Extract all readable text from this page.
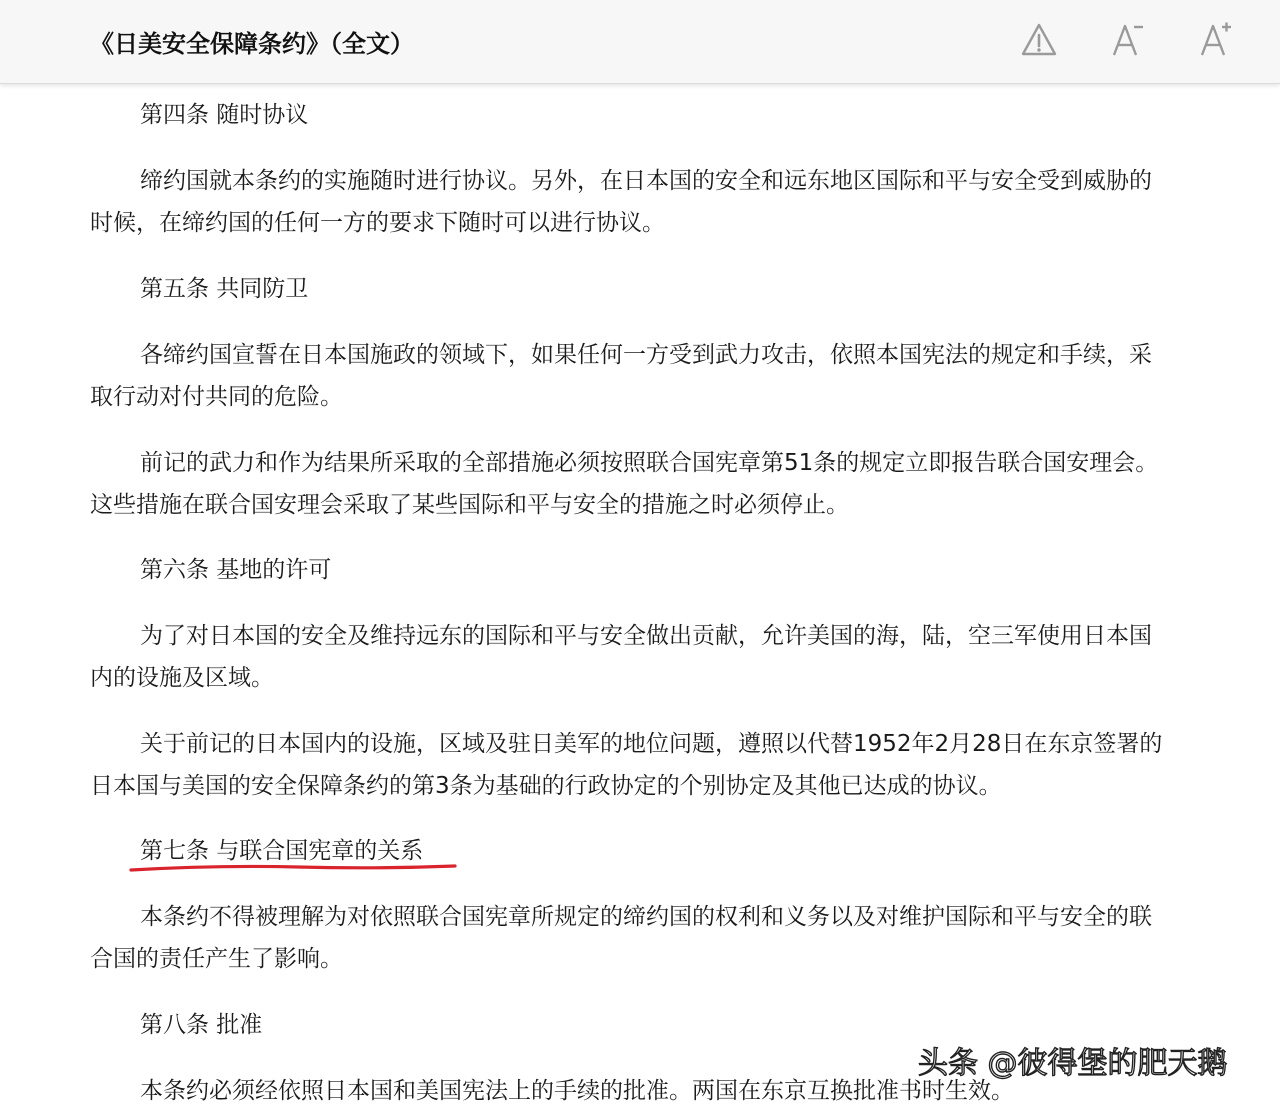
《日美安全保障条约》（全文）
第四条 随时协议
缔约国就本条约的实施随时进行协议。另外，在日本国的安全和远东地区国际和平与安全受到威胁的
时候，在缔约国的任何一方的要求下随时可以进行协议。
第五条 共同防卫
各缔约国宣誓在日本国施政的领域下，如果任何一方受到武力攻击，依照本国宪法的规定和手续，采
取行动对付共同的危险。
前记的武力和作为结果所采取的全部措施必须按照联合国宪章第51条的规定立即报告联合国安理会。
这些措施在联合国安理会采取了某些国际和平与安全的措施之时必须停止。
第六条 基地的许可
为了对日本国的安全及维持远东的国际和平与安全做出贡献，允许美国的海，陆，空三军使用日本国
内的设施及区域。
关于前记的日本国内的设施，区域及驻日美军的地位问题，遵照以代替1952年2月28日在东京签署的
日本国与美国的安全保障条约的第3条为基础的行政协定的个别协定及其他已达成的协议。
第七条 与联合国宪章的关系
本条约不得被理解为对依照联合国宪章所规定的缔约国的权利和义务以及对维护国际和平与安全的联
合国的责任产生了影响。
第八条 批准
本条约必须经依照日本国和美国宪法上的手续的批准。两国在东京互换批准书时生效。
头条 @彼得堡的肥天鹅
